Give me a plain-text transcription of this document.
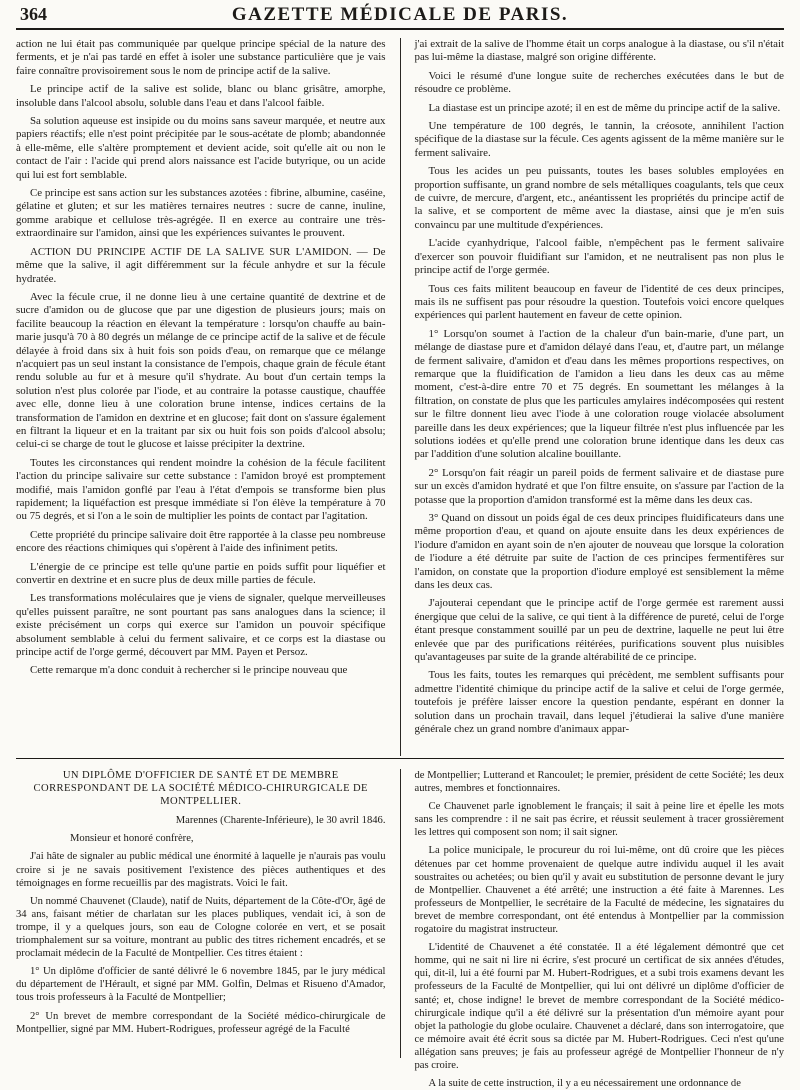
364	GAZETTE MÉDICALE DE PARIS.

action ne lui était pas communiquée par quelque principe spécial de la nature des ferments, et je n'ai pas tardé en effet à isoler une substance particulière que je vais faire connaître provisoirement sous le nom de principe actif de la salive.

Le principe actif de la salive est solide, blanc ou blanc grisâtre, amorphe, insoluble dans l'alcool absolu, soluble dans l'eau et dans l'alcool faible.

Sa solution aqueuse est insipide ou du moins sans saveur marquée, et neutre aux papiers réactifs; elle n'est point précipitée par le sous-acétate de plomb; abandonnée à elle-même, elle s'altère promptement et devient acide, soit qu'elle ait ou non le contact de l'air : l'acide qui prend alors naissance est l'acide butyrique, ou un acide qui lui est fort semblable.

Ce principe est sans action sur les substances azotées : fibrine, albumine, caséine, gélatine et gluten; et sur les matières ternaires neutres : sucre de canne, inuline, gomme arabique et cellulose très-agrégée. Il en exerce au contraire une très-extraordinaire sur l'amidon, ainsi que les expériences suivantes le prouvent.

ACTION DU PRINCIPE ACTIF DE LA SALIVE SUR L'AMIDON. — De même que la salive, il agit différemment sur la fécule anhydre et sur la fécule hydratée.

Avec la fécule crue, il ne donne lieu à une certaine quantité de dextrine et de sucre d'amidon ou de glucose que par une digestion de plusieurs jours; mais on facilite beaucoup la réaction en élevant la température : lorsqu'on chauffe au bain-marie jusqu'à 70 à 80 degrés un mélange de ce principe actif de la salive et de fécule délayée à froid dans six à huit fois son poids d'eau, on remarque que ce mélange n'acquiert pas un seul instant la consistance de l'empois, chaque grain de fécule étant rendu soluble au fur et à mesure qu'il s'hydrate. Au bout d'un certain temps la solution n'est plus colorée par l'iode, et au contraire la potasse caustique, chauffée avec elle, donne lieu à une coloration brune intense, indices certains de la transformation de l'amidon en dextrine et en glucose; fait dont on s'assure également en filtrant la liqueur et en la traitant par six ou huit fois son poids d'alcool absolu; celui-ci se charge de tout le glucose et laisse précipiter la dextrine.

Toutes les circonstances qui rendent moindre la cohésion de la fécule facilitent l'action du principe salivaire sur cette substance : l'amidon broyé est promptement modifié, mais l'amidon gonflé par l'eau à l'état d'empois se transforme bien plus rapidement; la liquéfaction est presque immédiate si l'on élève la température à 70 ou 75 degrés, et si l'on a le soin de multiplier les points de contact par l'agitation.

Cette propriété du principe salivaire doit être rapportée à la classe peu nombreuse encore des réactions chimiques qui s'opèrent à l'aide des infiniment petits.

L'énergie de ce principe est telle qu'une partie en poids suffit pour liquéfier et convertir en dextrine et en sucre plus de deux mille parties de fécule.

Les transformations moléculaires que je viens de signaler, quelque merveilleuses qu'elles puissent paraître, ne sont pourtant pas sans analogues dans la science; il existe précisément un corps qui exerce sur l'amidon un pouvoir spécifique absolument semblable à celui du ferment salivaire, et ce corps est la diastase ou principe actif de l'orge germé, découvert par MM. Payen et Persoz.

Cette remarque m'a donc conduit à rechercher si le principe nouveau que

j'ai extrait de la salive de l'homme était un corps analogue à la diastase, ou s'il n'était pas lui-même la diastase, malgré son origine différente.

Voici le résumé d'une longue suite de recherches exécutées dans le but de résoudre ce problème.

La diastase est un principe azoté; il en est de même du principe actif de la salive.

Une température de 100 degrés, le tannin, la créosote, annihilent l'action spécifique de la diastase sur la fécule. Ces agents agissent de la même manière sur le ferment salivaire.

Tous les acides un peu puissants, toutes les bases solubles employées en proportion suffisante, un grand nombre de sels métalliques coagulants, tels que ceux de cuivre, de mercure, d'argent, etc., anéantissent les propriétés du principe actif de la salive, et se comportent de même avec la diastase, ainsi que je m'en suis convaincu par une multitude d'expériences.

L'acide cyanhydrique, l'alcool faible, n'empêchent pas le ferment salivaire d'exercer son pouvoir fluidifiant sur l'amidon, et ne neutralisent pas non plus le principe actif de l'orge germée.

Tous ces faits militent beaucoup en faveur de l'identité de ces deux principes, mais ils ne suffisent pas pour résoudre la question. Toutefois voici encore quelques expériences qui parlent hautement en faveur de cette opinion.

1° Lorsqu'on soumet à l'action de la chaleur d'un bain-marie, d'une part, un mélange de diastase pure et d'amidon délayé dans l'eau, et, d'autre part, un mélange de ferment salivaire, d'amidon et d'eau dans les mêmes proportions respectives, on remarque que la fluidification de l'amidon a lieu dans les deux cas au même moment, c'est-à-dire entre 70 et 75 degrés. En soumettant les mélanges à la filtration, on constate de plus que les particules amylaires indécomposées qui restent sur le filtre donnent lieu avec l'iode à une coloration rouge violacée absolument pareille dans les deux expériences; que la liqueur filtrée n'est plus influencée par les solutions iodées et qu'elle prend une coloration brune identique dans les deux cas par l'addition d'une solution alcaline bouillante.

2° Lorsqu'on fait réagir un pareil poids de ferment salivaire et de diastase pure sur un excès d'amidon hydraté et que l'on filtre ensuite, on s'assure par l'action de la potasse que la proportion d'amidon transformé est la même dans les deux cas.

3° Quand on dissout un poids égal de ces deux principes fluidificateurs dans une même proportion d'eau, et quand on ajoute ensuite dans les deux expériences de l'iodure d'amidon en ayant soin de n'en ajouter de nouveau que lorsque la coloration de l'iodure a été détruite par suite de l'action de ces principes fermentifères sur l'amidon, on constate que la proportion d'iodure employé est sensiblement la même dans les deux cas.

J'ajouterai cependant que le principe actif de l'orge germée est rarement aussi énergique que celui de la salive, ce qui tient à la différence de pureté, celui de l'orge étant presque constamment souillé par un peu de dextrine, laquelle ne peut lui être enlevée que par des purifications réitérées, purifications souvent plus nuisibles qu'avantageuses par suite de la grande altérabilité de ce principe.

Tous les faits, toutes les remarques qui précèdent, me semblent suffisants pour admettre l'identité chimique du principe actif de la salive et celui de l'orge germée, toutefois je préfère laisser encore la question pendante, espérant en donner la solution dans un prochain travail, dans lequel j'étudierai la salive d'une manière générale chez un grand nombre d'animaux appar-

UN DIPLÔME D'OFFICIER DE SANTÉ ET DE MEMBRE CORRESPONDANT DE LA SOCIÉTÉ MÉDICO-CHIRURGICALE DE MONTPELLIER.

Marennes (Charente-Inférieure), le 30 avril 1846.

Monsieur et honoré confrère,

J'ai hâte de signaler au public médical une énormité à laquelle je n'aurais pas voulu croire si je ne savais positivement l'existence des pièces authentiques et des témoignages en forme recueillis par des magistrats. Voici le fait.

Un nommé Chauvenet (Claude), natif de Nuits, département de la Côte-d'Or, âgé de 34 ans, faisant métier de charlatan sur les places publiques, vendait ici, à son de trompe, il y a quelques jours, son eau de Cologne colorée en vert, et se posait triomphalement sur sa voiture, montrant au public des titres richement encadrés, et se proclamait médecin de la Faculté de Montpellier. Ces titres étaient :

1° Un diplôme d'officier de santé délivré le 6 novembre 1845, par le jury médical du département de l'Hérault, et signé par MM. Golfin, Delmas et Risueno d'Amador, tous trois professeurs à la Faculté de Montpellier;

2° Un brevet de membre correspondant de la Société médico-chirurgicale de Montpellier, signé par MM. Hubert-Rodrigues, professeur agrégé de la Faculté

de Montpellier; Lutterand et Rancoulet; le premier, président de cette Société; les deux autres, membres et fonctionnaires.

Ce Chauvenet parle ignoblement le français; il sait à peine lire et épelle les mots sans les comprendre : il ne sait pas écrire, et réussit seulement à tracer grossièrement les lettres qui composent son nom; il sait signer.

La police municipale, le procureur du roi lui-même, ont dû croire que les pièces détenues par cet homme provenaient de quelque autre individu auquel il les avait soustraites ou achetées; ou bien qu'il y avait eu substitution de personne devant le jury de Montpellier. Chauvenet a été arrêté; une instruction a été faite à Marennes. Les professeurs de Montpellier, le secrétaire de la Faculté de médecine, les signataires du brevet de membre correspondant, ont été entendus à Montpellier par la commission rogatoire du magistrat instructeur.

L'identité de Chauvenet a été constatée. Il a été légalement démontré que cet homme, qui ne sait ni lire ni écrire, s'est procuré un certificat de six années d'études, qui, dit-il, lui a été fourni par M. Hubert-Rodrigues, et a subi trois examens devant les professeurs de la Faculté de Montpellier, qui lui ont délivré un diplôme d'officier de santé; et, chose indigne! le brevet de membre correspondant de la Société médico-chirurgicale indique qu'il a été délivré sur la présentation d'un mémoire ayant pour objet la pathologie du globe oculaire. Chauvenet a déclaré, dans son interrogatoire, que ce mémoire avait été écrit sous sa dictée par M. Hubert-Rodrigues. Ceci n'est qu'une allégation sans preuves; je fais au professeur agrégé de Montpellier l'honneur de n'y pas croire.

A la suite de cette instruction, il y a eu nécessairement une ordonnance de
